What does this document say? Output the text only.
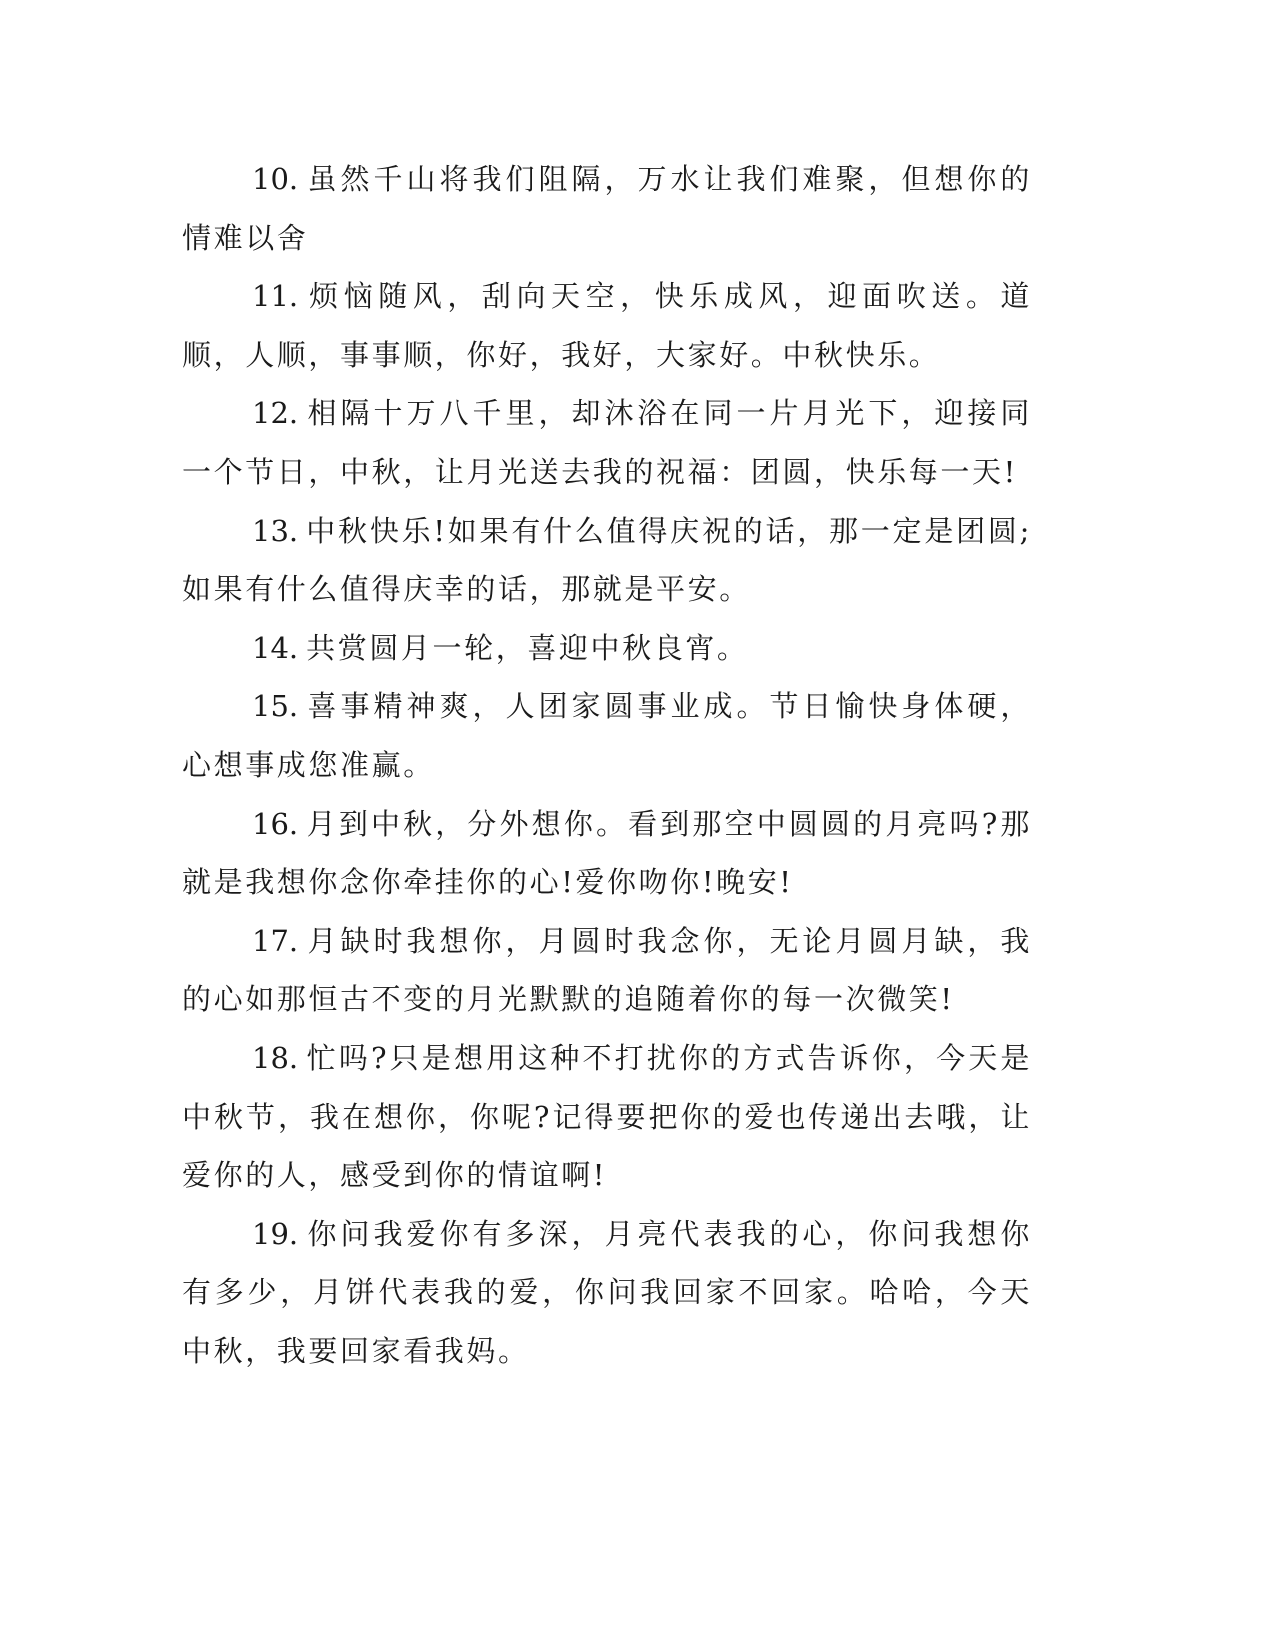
10. 虽然千山将我们阻隔，万水让我们难聚，但想你的情难以舍

11. 烦恼随风，刮向天空，快乐成风，迎面吹送。道顺，人顺，事事顺，你好，我好，大家好。中秋快乐。

12. 相隔十万八千里，却沐浴在同一片月光下，迎接同一个节日，中秋，让月光送去我的祝福：团圆，快乐每一天!

13. 中秋快乐!如果有什么值得庆祝的话，那一定是团圆;如果有什么值得庆幸的话，那就是平安。

14. 共赏圆月一轮，喜迎中秋良宵。

15. 喜事精神爽，人团家圆事业成。节日愉快身体硬，心想事成您准赢。

16. 月到中秋，分外想你。看到那空中圆圆的月亮吗?那就是我想你念你牵挂你的心!爱你吻你!晚安!

17. 月缺时我想你，月圆时我念你，无论月圆月缺，我的心如那恒古不变的月光默默的追随着你的每一次微笑!

18. 忙吗?只是想用这种不打扰你的方式告诉你，今天是中秋节，我在想你，你呢?记得要把你的爱也传递出去哦，让爱你的人，感受到你的情谊啊!

19. 你问我爱你有多深，月亮代表我的心，你问我想你有多少，月饼代表我的爱，你问我回家不回家。哈哈，今天中秋，我要回家看我妈。
